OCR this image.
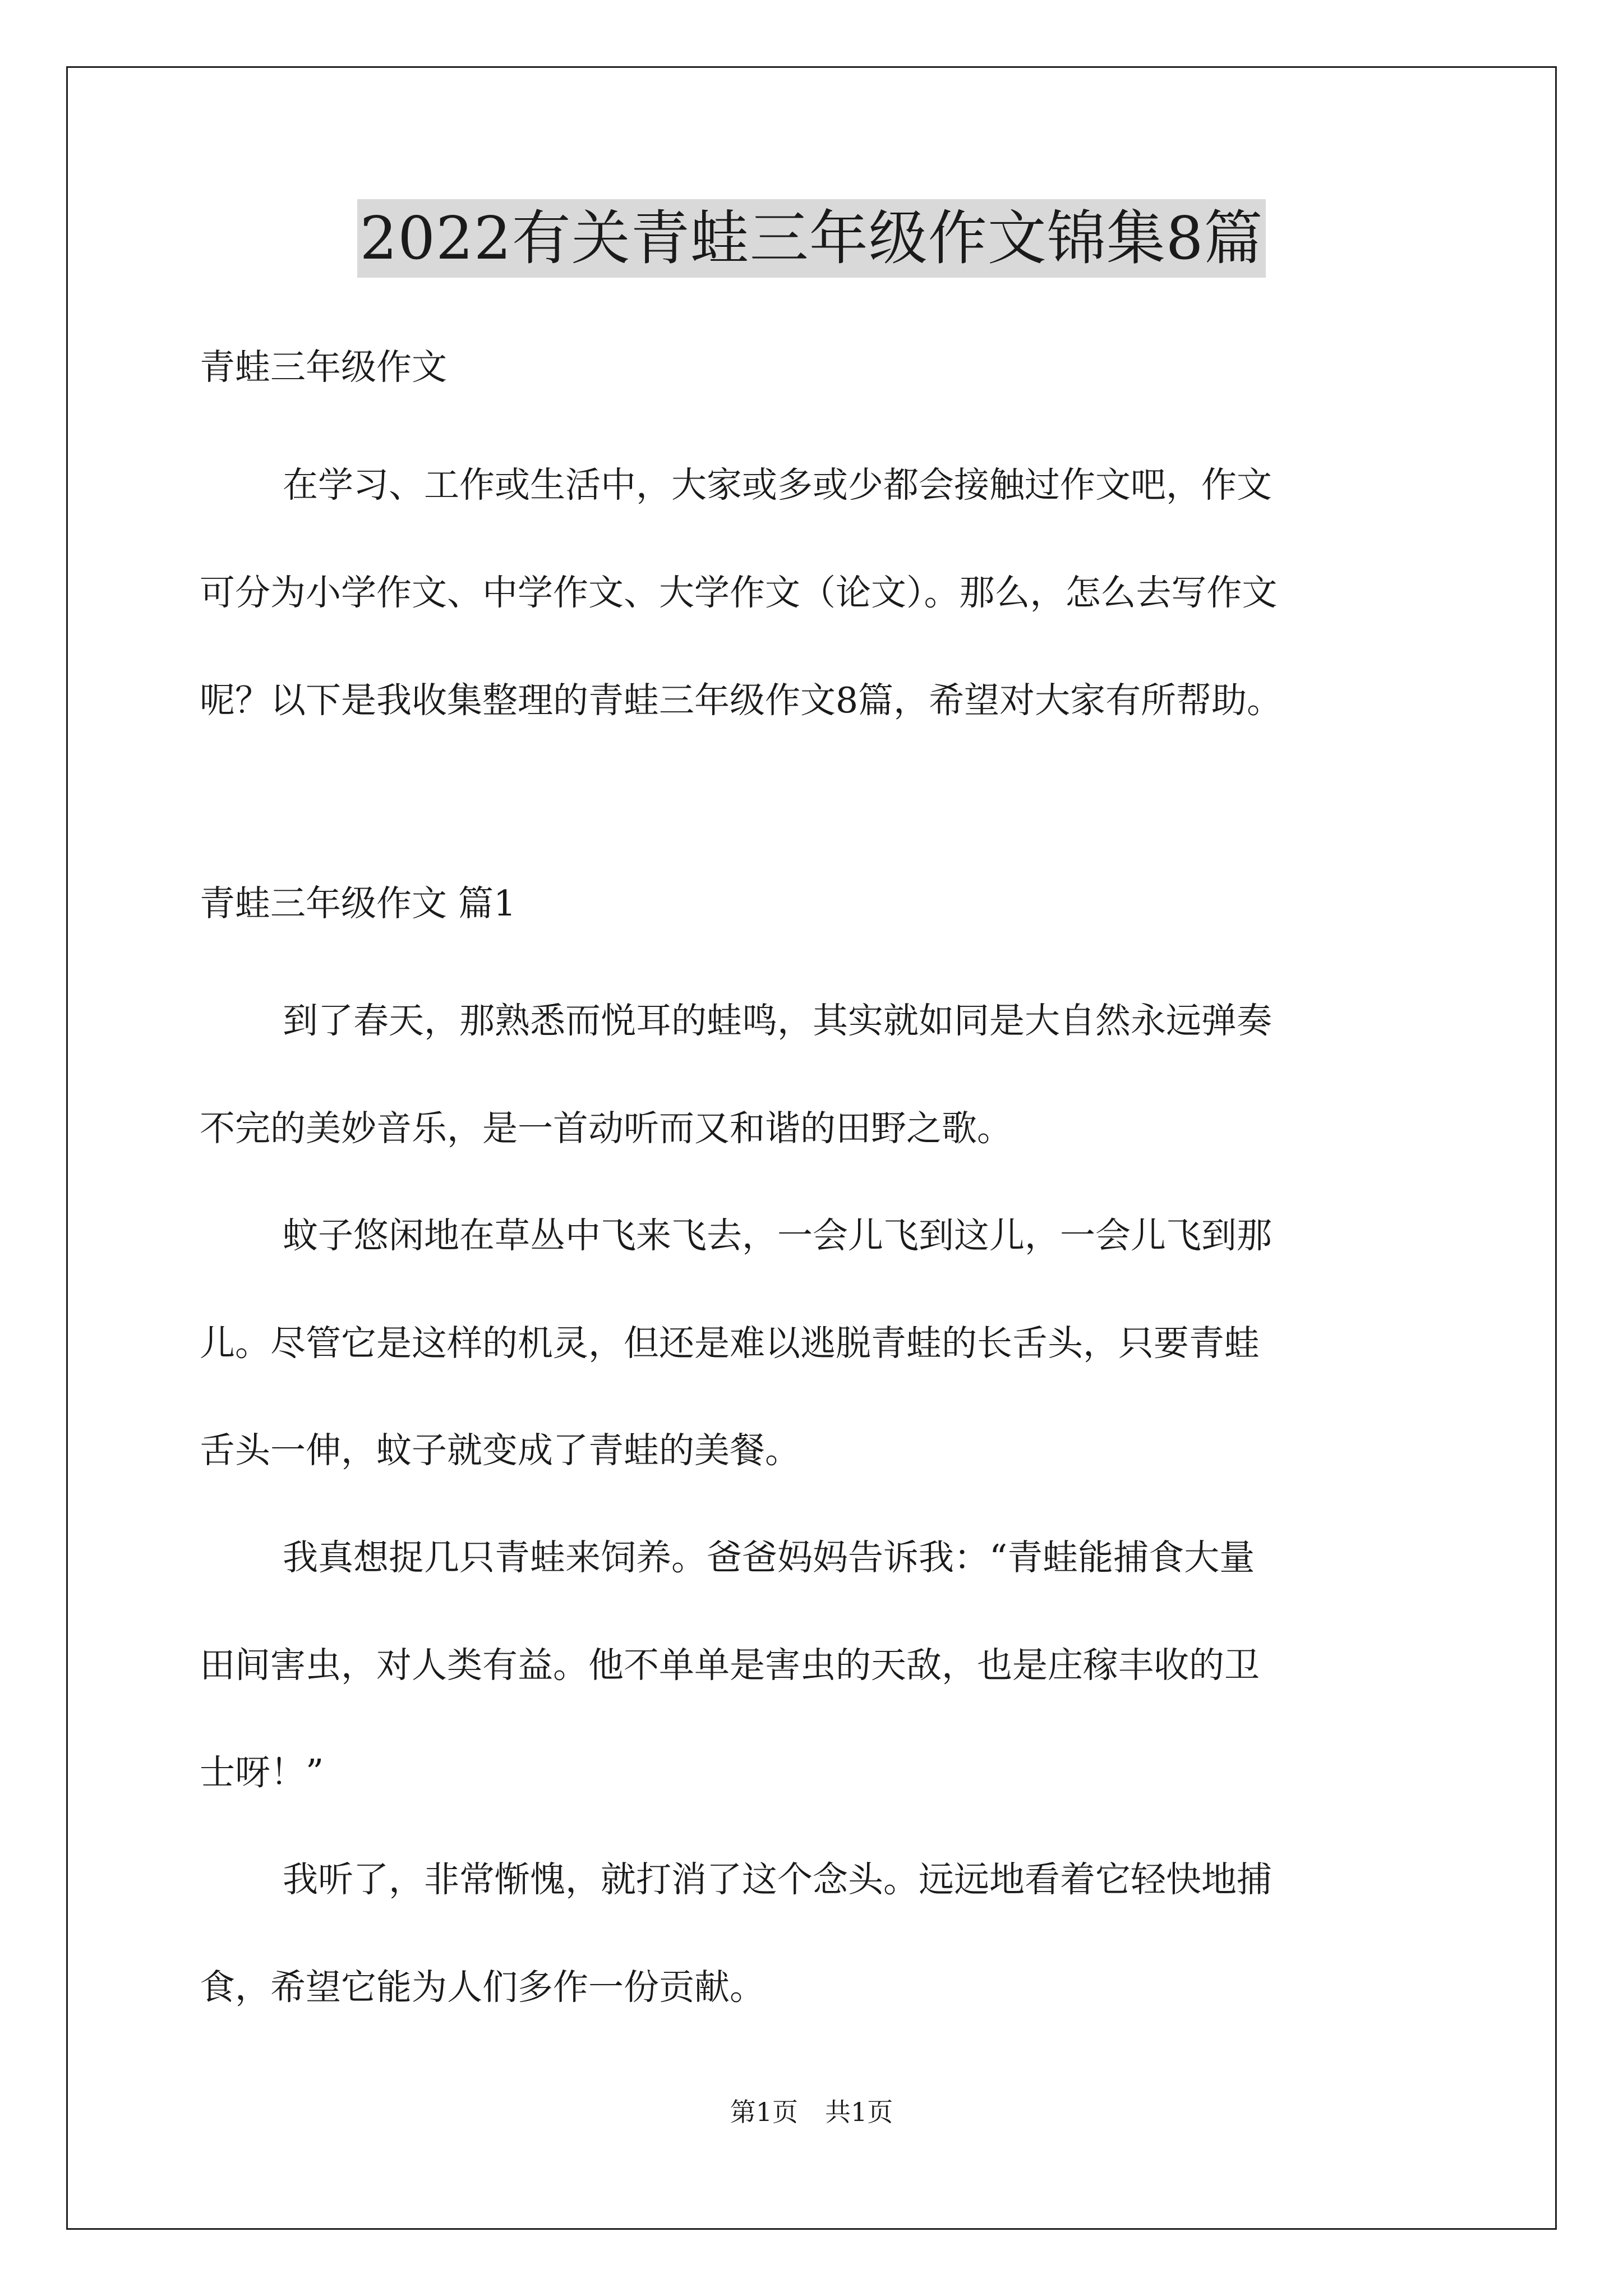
2022有关青蛙三年级作文锦集8篇
青蛙三年级作文
在学习、工作或生活中，大家或多或少都会接触过作文吧，作文
可分为小学作文、中学作文、大学作文（论文）。那么，怎么去写作文
呢？以下是我收集整理的青蛙三年级作文8篇，希望对大家有所帮助。
青蛙三年级作文 篇1
到了春天，那熟悉而悦耳的蛙鸣，其实就如同是大自然永远弹奏
不完的美妙音乐，是一首动听而又和谐的田野之歌。
蚊子悠闲地在草丛中飞来飞去，一会儿飞到这儿，一会儿飞到那
儿。尽管它是这样的机灵，但还是难以逃脱青蛙的长舌头，只要青蛙
舌头一伸，蚊子就变成了青蛙的美餐。
我真想捉几只青蛙来饲养。爸爸妈妈告诉我：“青蛙能捕食大量
田间害虫，对人类有益。他不单单是害虫的天敌，也是庄稼丰收的卫
士呀！”
我听了，非常惭愧，就打消了这个念头。远远地看着它轻快地捕
食，希望它能为人们多作一份贡献。
第1页 共1页
